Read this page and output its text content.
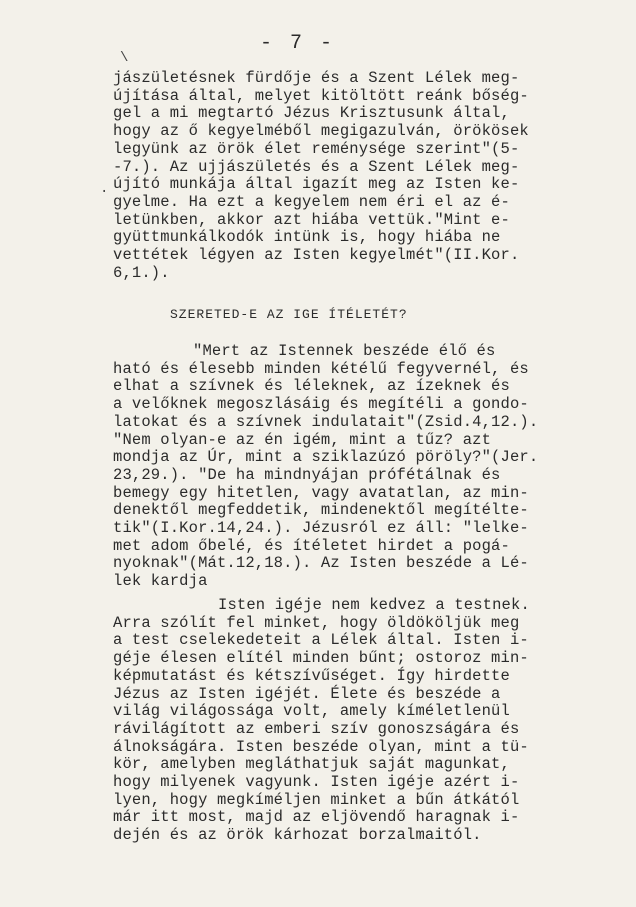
- 7 -
\
·
jászületésnek fürdője és a Szent Lélek meg-
újítása által, melyet kitöltött reánk bőség-
gel a mi megtartó Jézus Krisztusunk által,
hogy az ő kegyelméből megigazulván, örökösek
legyünk az örök élet reménysége szerint"(5-
-7.). Az ujjászületés és a Szent Lélek meg-
újító munkája által igazít meg az Isten ke-
gyelme. Ha ezt a kegyelem nem éri el az é-
letünkben, akkor azt hiába vettük."Mint e-
gyüttmunkálkodók intünk is, hogy hiába ne
vettétek légyen az Isten kegyelmét"(II.Kor.
6,1.).
SZERETED-E AZ IGE ÍTÉLETÉT?
"Mert az Istennek beszéde élő és
ható és élesebb minden kétélű fegyvernél, és
elhat a szívnek és léleknek, az ízeknek és
a velőknek megoszlásáig és megítéli a gondo-
latokat és a szívnek indulatait"(Zsid.4,12.).
"Nem olyan-e az én igém, mint a tűz? azt
mondja az Úr, mint a sziklazúzó pöröly?"(Jer.
23,29.). "De ha mindnyájan prófétálnak és
bemegy egy hitetlen, vagy avatatlan, az min-
denektől megfeddetik, mindenektől megítélte-
tik"(I.Kor.14,24.). Jézusról ez áll: "lelke-
met adom őbelé, és ítéletet hirdet a pogá-
nyoknak"(Mát.12,18.). Az Isten beszéde a Lé-
lek kardja
Isten igéje nem kedvez a testnek.
Arra szólít fel minket, hogy öldököljük meg
a test cselekedeteit a Lélek által. Isten i-
géje élesen elítél minden bűnt; ostoroz min-
képmutatást és kétszívűséget. Így hirdette
Jézus az Isten igéjét. Élete és beszéde a
világ világossága volt, amely kíméletlenül
rávilágított az emberi szív gonoszságára és
álnokságára. Isten beszéde olyan, mint a tü-
kör, amelyben megláthatjuk saját magunkat,
hogy milyenek vagyunk. Isten igéje azért i-
lyen, hogy megkíméljen minket a bűn átkától
már itt most, majd az eljövendő haragnak i-
dején és az örök kárhozat borzalmaitól.
